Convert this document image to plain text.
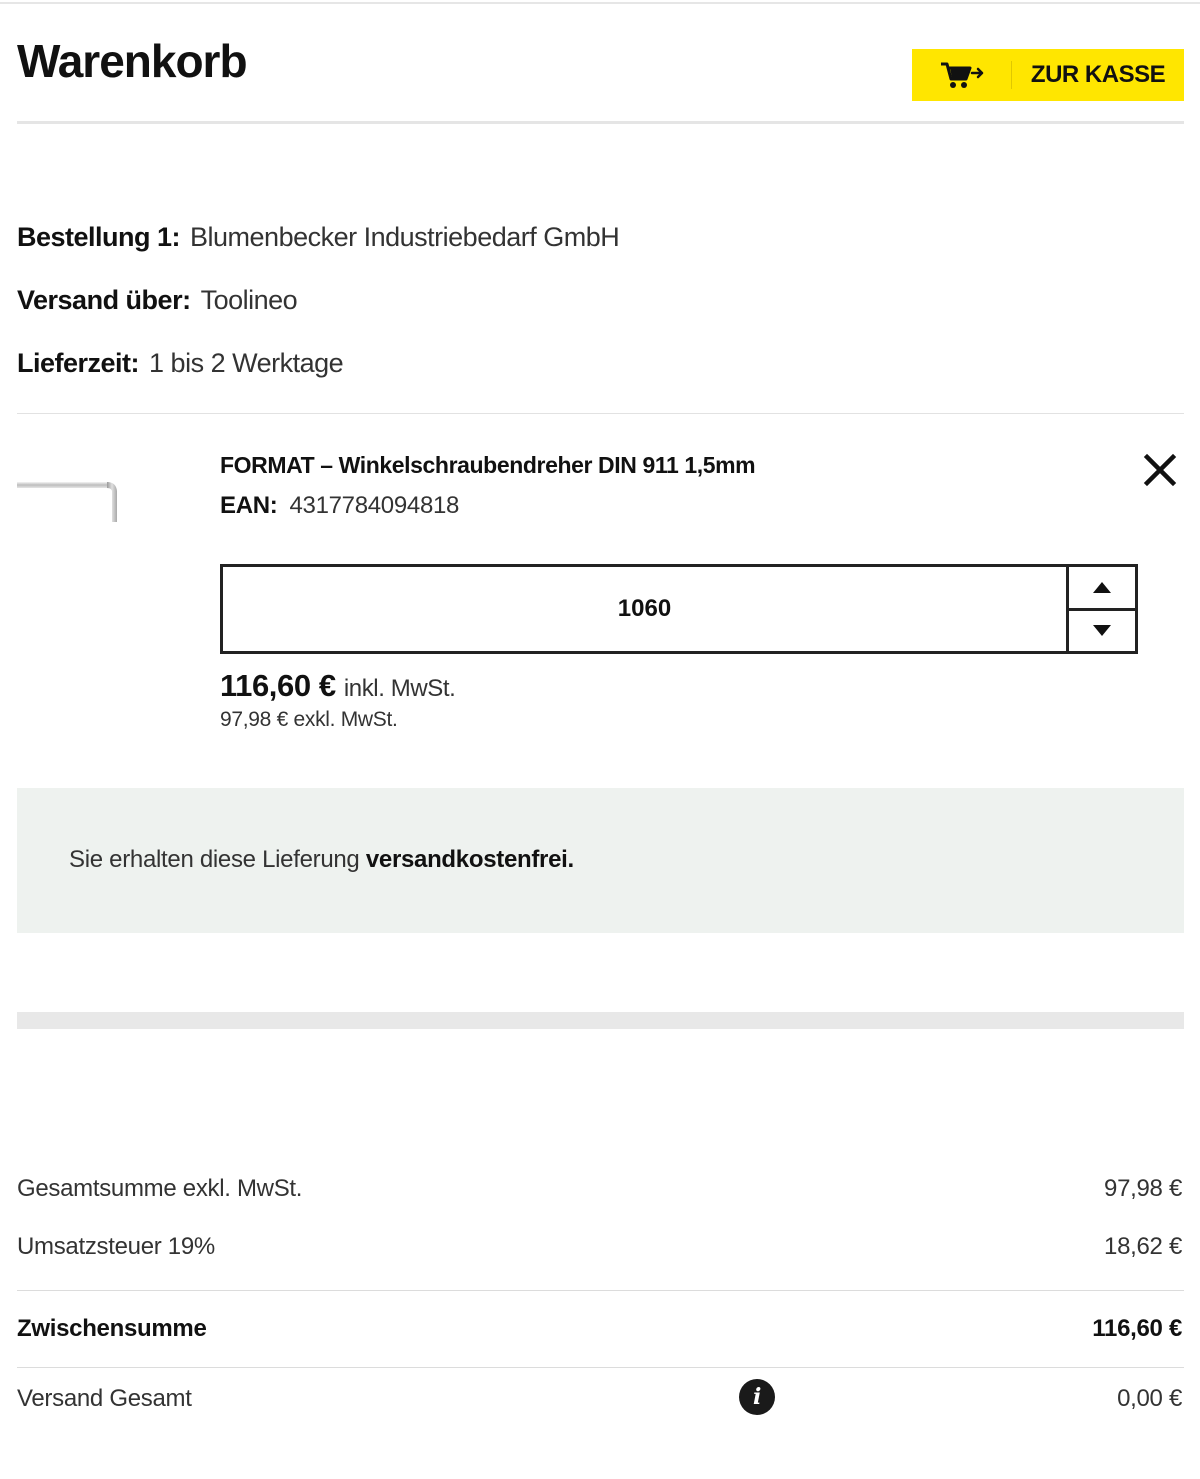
Warenkorb	ZUR KASSE
Bestellung 1: Blumenbecker Industriebedarf GmbH
Versand über: Toolineo
Lieferzeit: 1 bis 2 Werktage
FORMAT – Winkelschraubendreher DIN 911 1,5mm
EAN: 4317784094818
1060
116,60 € inkl. MwSt.
97,98 € exkl. MwSt.
Sie erhalten diese Lieferung versandkostenfrei.
Gesamtsumme exkl. MwSt.	97,98 €
Umsatzsteuer 19%	18,62 €
Zwischensumme	116,60 €
Versand Gesamt	i	0,00 €
